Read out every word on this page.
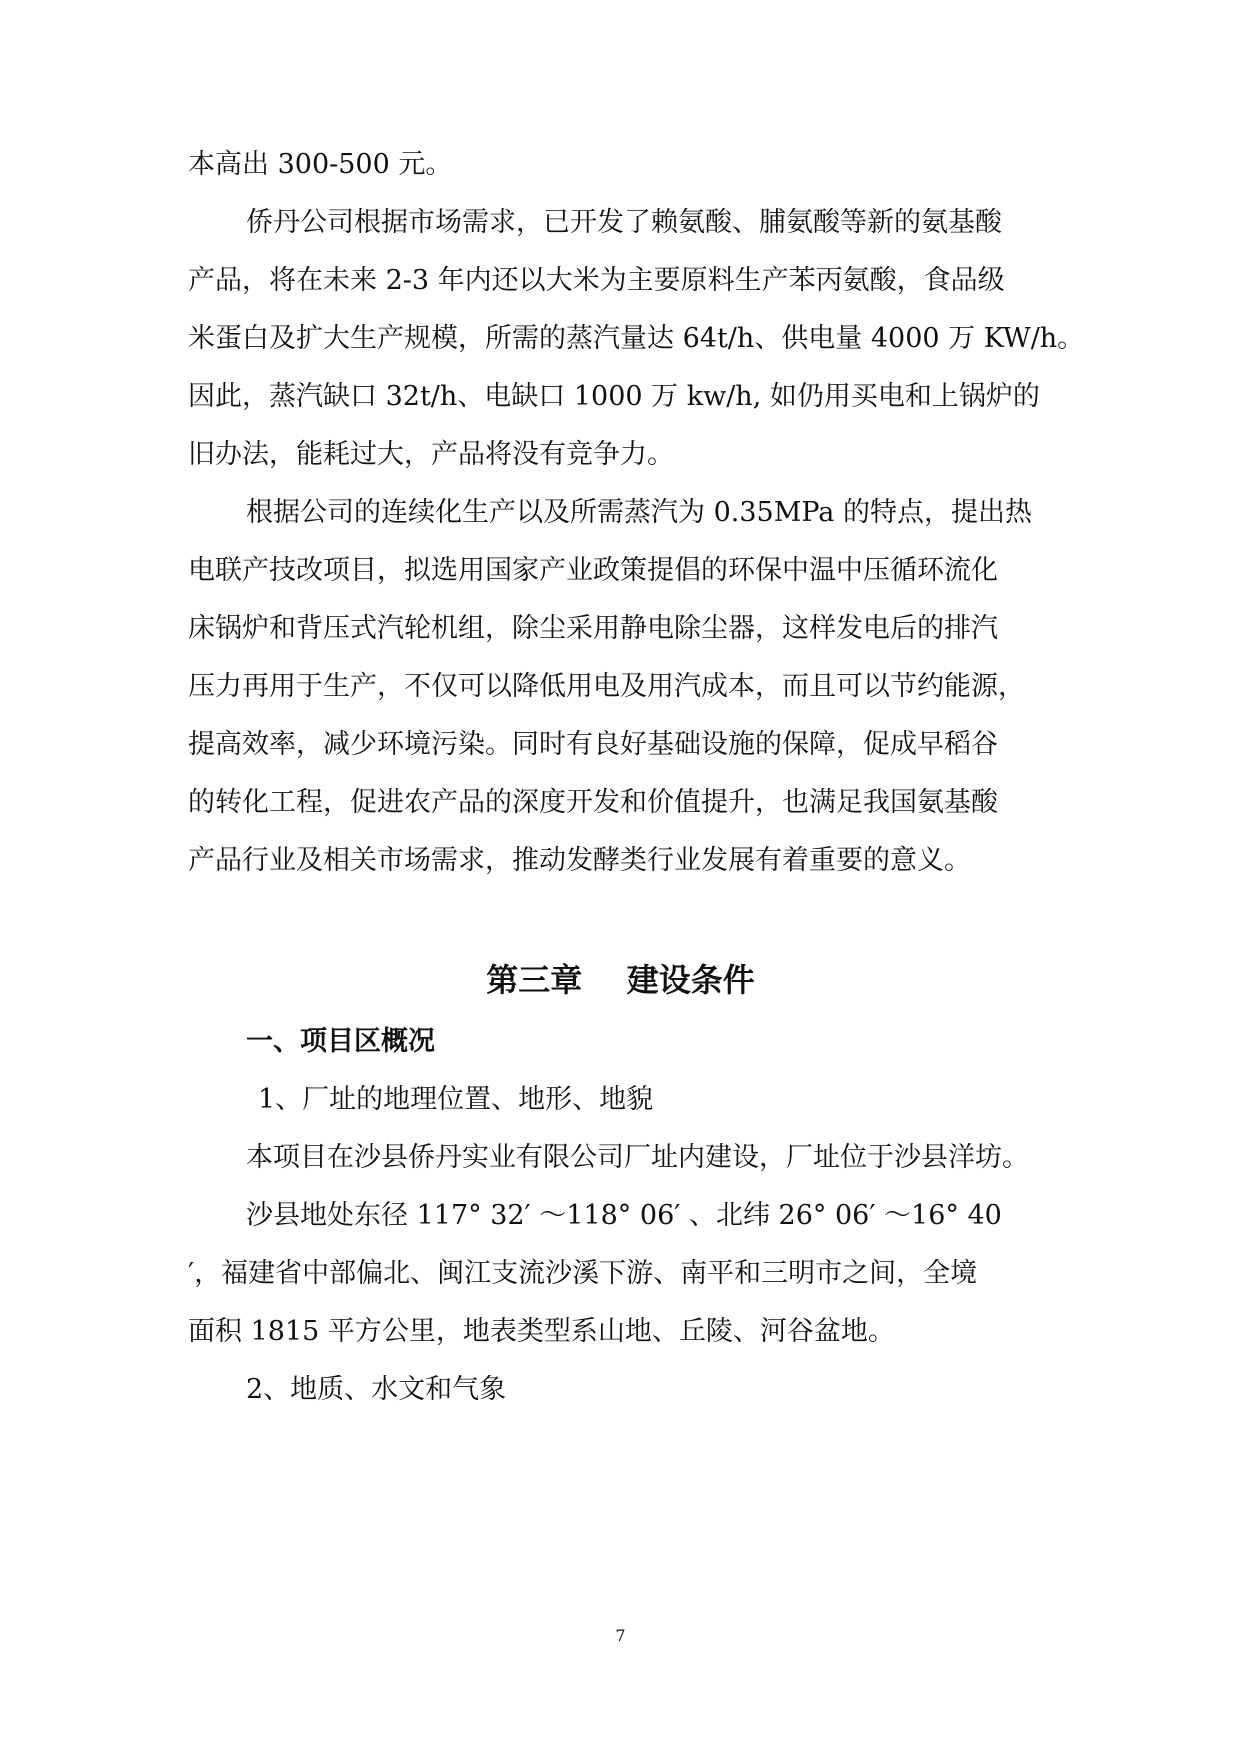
本高出 300-500 元。
侨丹公司根据市场需求，已开发了赖氨酸、脯氨酸等新的氨基酸
产品，将在未来 2-3 年内还以大米为主要原料生产苯丙氨酸，食品级
米蛋白及扩大生产规模，所需的蒸汽量达 64t/h、供电量 4000 万 KW/h。
因此，蒸汽缺口 32t/h、电缺口 1000 万 kw/h, 如仍用买电和上锅炉的
旧办法，能耗过大，产品将没有竞争力。
根据公司的连续化生产以及所需蒸汽为 0.35MPa 的特点，提出热
电联产技改项目，拟选用国家产业政策提倡的环保中温中压循环流化
床锅炉和背压式汽轮机组，除尘采用静电除尘器，这样发电后的排汽
压力再用于生产，不仅可以降低用电及用汽成本，而且可以节约能源，
提高效率，减少环境污染。同时有良好基础设施的保障，促成早稻谷
的转化工程，促进农产品的深度开发和价值提升，也满足我国氨基酸
产品行业及相关市场需求，推动发酵类行业发展有着重要的意义。
第三章    建设条件
一、项目区概况
1、厂址的地理位置、地形、地貌
本项目在沙县侨丹实业有限公司厂址内建设，厂址位于沙县洋坊。
沙县地处东径 117° 32′ ～118° 06′ 、北纬 26° 06′ ～16° 40
′，福建省中部偏北、闽江支流沙溪下游、南平和三明市之间，全境
面积 1815 平方公里，地表类型系山地、丘陵、河谷盆地。
2、地质、水文和气象
7
